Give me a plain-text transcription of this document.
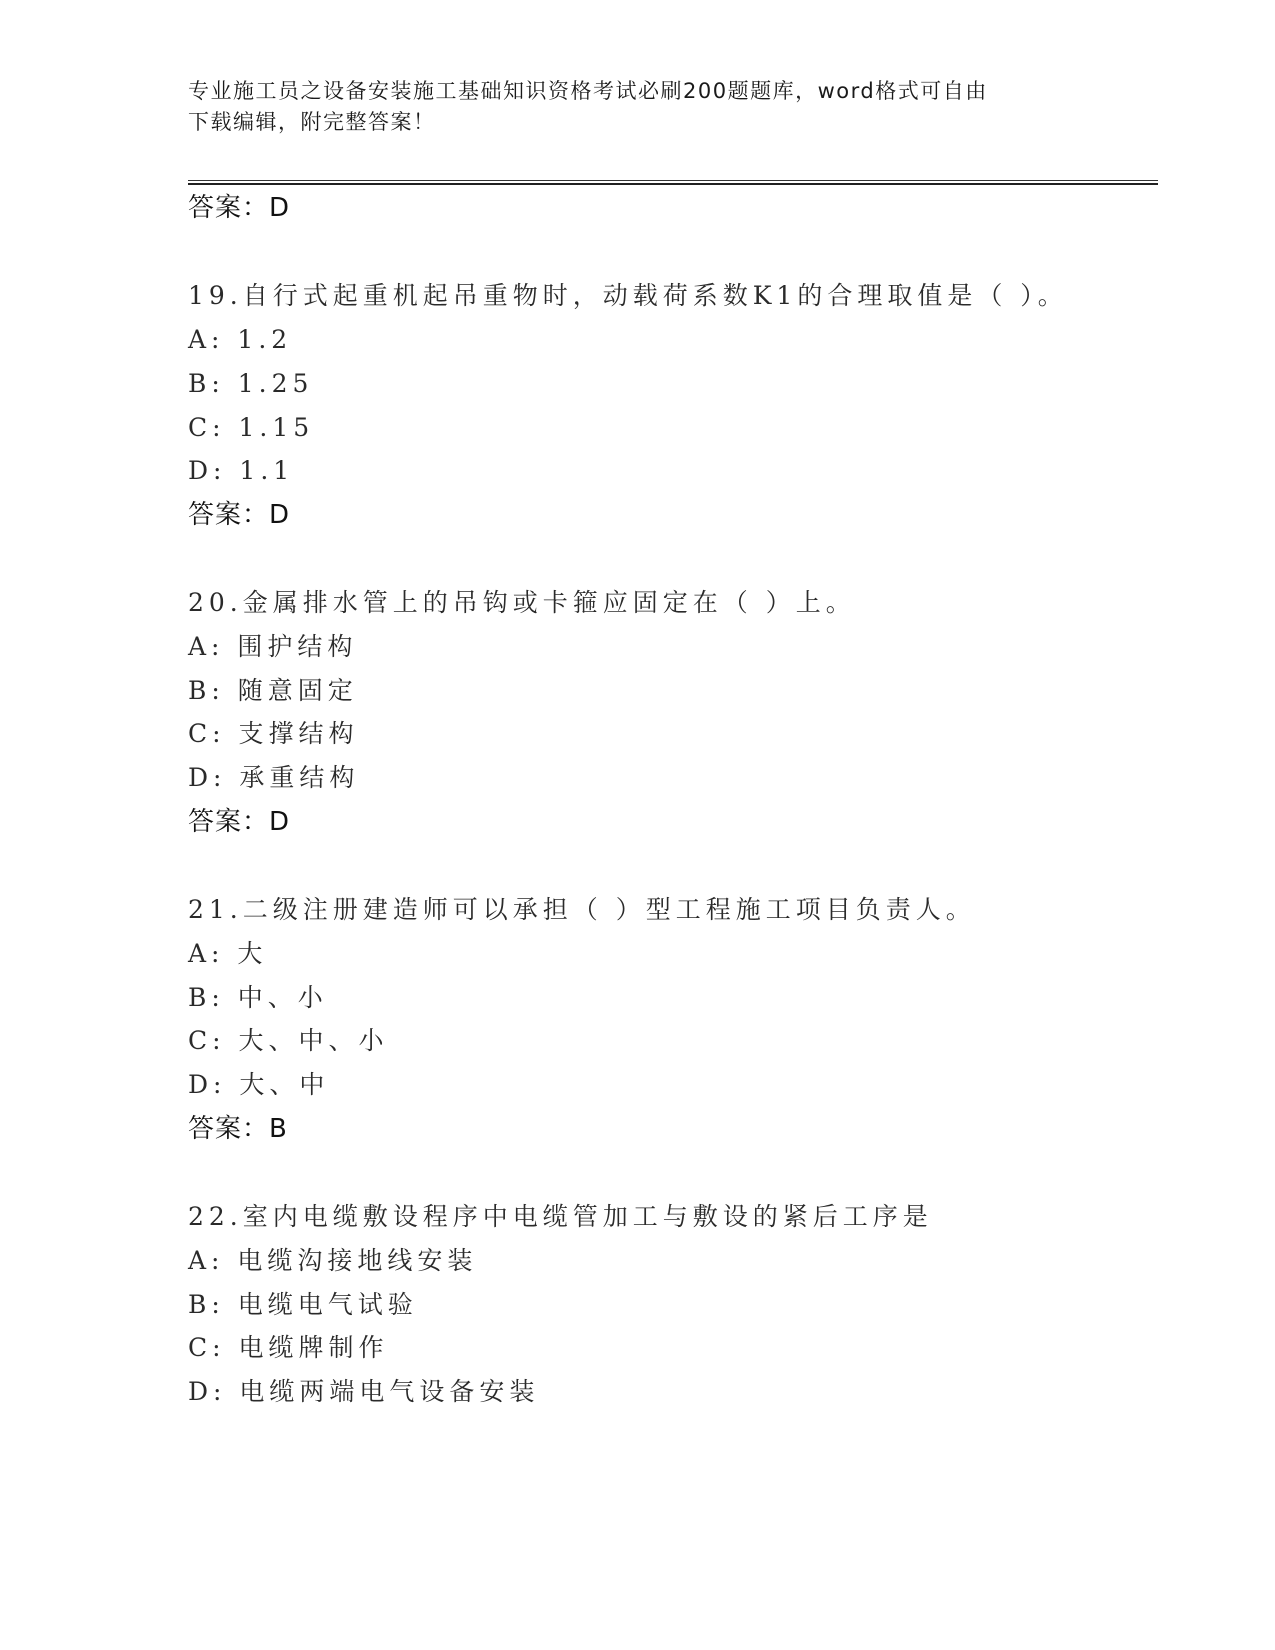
专业施工员之设备安装施工基础知识资格考试必刷200题题库，word格式可自由
下载编辑，附完整答案！
答案：D
19.自行式起重机起吊重物时，动载荷系数K1的合理取值是（ ）。
A: 1.2
B: 1.25
C: 1.15
D: 1.1
答案：D
20.金属排水管上的吊钩或卡箍应固定在（ ）上。
A: 围护结构
B: 随意固定
C: 支撑结构
D: 承重结构
答案：D
21.二级注册建造师可以承担（ ）型工程施工项目负责人。
A: 大
B: 中、小
C: 大、中、小
D: 大、中
答案：B
22.室内电缆敷设程序中电缆管加工与敷设的紧后工序是
A: 电缆沟接地线安装
B: 电缆电气试验
C: 电缆牌制作
D: 电缆两端电气设备安装
